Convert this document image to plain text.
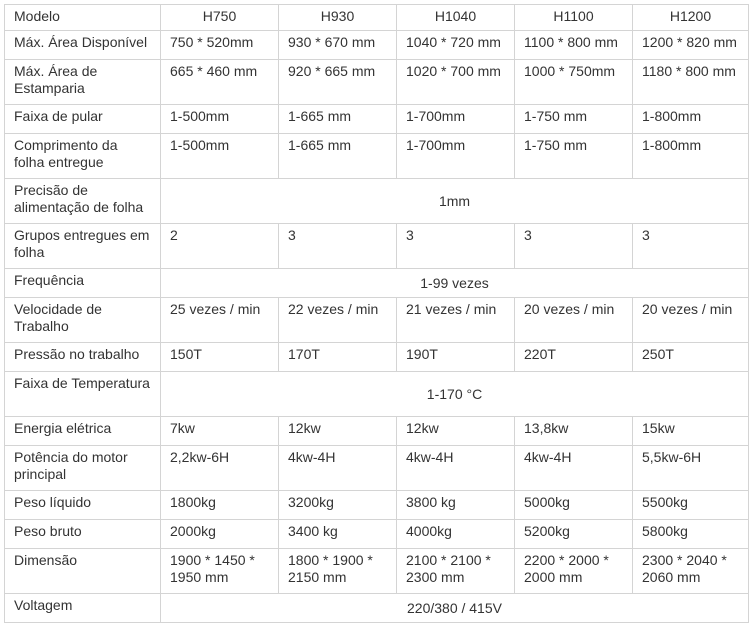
Modelo	H750	H930	H1040	H1100	H1200
Máx. Área Disponível	750 * 520mm	930 * 670 mm	1040 * 720 mm	1100 * 800 mm	1200 * 820 mm
Máx. Área de Estamparia	665 * 460 mm	920 * 665 mm	1020 * 700 mm	1000 * 750mm	1180 * 800 mm
Faixa de pular	1-500mm	1-665 mm	1-700mm	1-750 mm	1-800mm
Comprimento da folha entregue	1-500mm	1-665 mm	1-700mm	1-750 mm	1-800mm
Precisão de alimentação de folha	1mm				
Grupos entregues em folha	2	3	3	3	3
Frequência	1-99 vezes				
Velocidade de Trabalho	25 vezes / min	22 vezes / min	21 vezes / min	20 vezes / min	20 vezes / min
Pressão no trabalho	150T	170T	190T	220T	250T
Faixa de Temperatura	1-170 °C				
Energia elétrica	7kw	12kw	12kw	13,8kw	15kw
Potência do motor principal	2,2kw-6H	4kw-4H	4kw-4H	4kw-4H	5,5kw-6H
Peso líquido	1800kg	3200kg	3800 kg	5000kg	5500kg
Peso bruto	2000kg	3400 kg	4000kg	5200kg	5800kg
Dimensão	1900 * 1450 * 1950 mm	1800 * 1900 * 2150 mm	2100 * 2100 * 2300 mm	2200 * 2000 * 2000 mm	2300 * 2040 * 2060 mm
Voltagem	220/380 / 415V				
